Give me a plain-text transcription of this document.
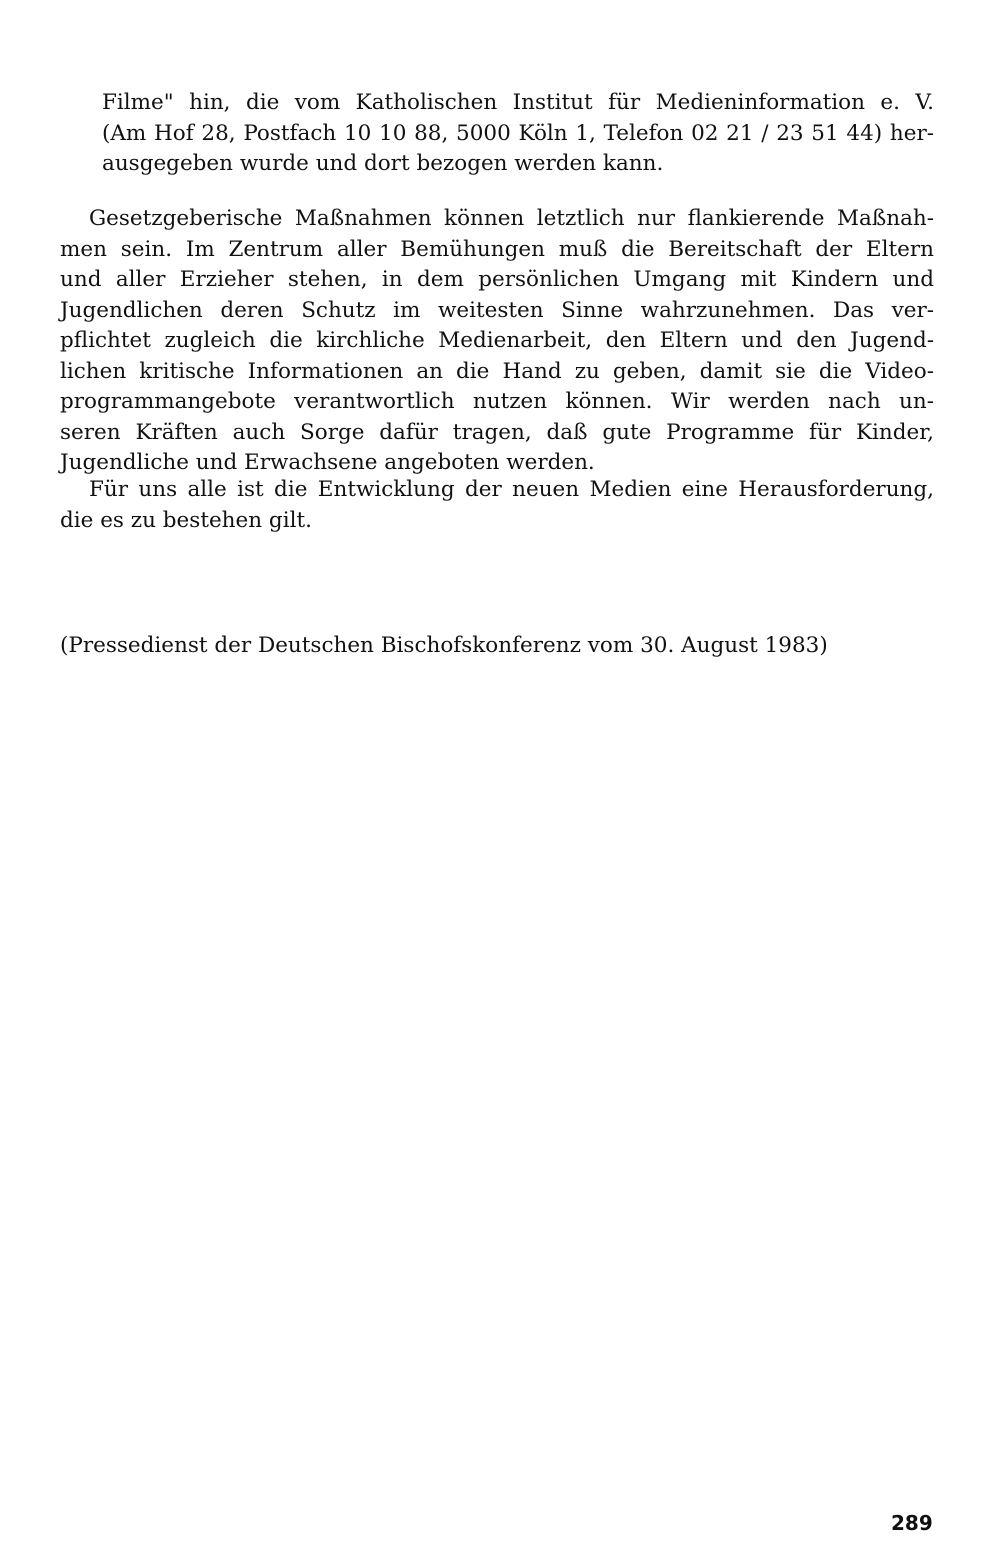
Filme" hin, die vom Katholischen Institut für Medieninformation e. V.
(Am Hof 28, Postfach 10 10 88, 5000 Köln 1, Telefon 02 21 / 23 51 44) her-
ausgegeben wurde und dort bezogen werden kann.

Gesetzgeberische Maßnahmen können letztlich nur flankierende Maßnah-
men sein. Im Zentrum aller Bemühungen muß die Bereitschaft der Eltern
und aller Erzieher stehen, in dem persönlichen Umgang mit Kindern und
Jugendlichen deren Schutz im weitesten Sinne wahrzunehmen. Das ver-
pflichtet zugleich die kirchliche Medienarbeit, den Eltern und den Jugend-
lichen kritische Informationen an die Hand zu geben, damit sie die Video-
programmangebote verantwortlich nutzen können. Wir werden nach un-
seren Kräften auch Sorge dafür tragen, daß gute Programme für Kinder,
Jugendliche und Erwachsene angeboten werden.

Für uns alle ist die Entwicklung der neuen Medien eine Herausforderung,
die es zu bestehen gilt.

(Pressedienst der Deutschen Bischofskonferenz vom 30. August 1983)
289
